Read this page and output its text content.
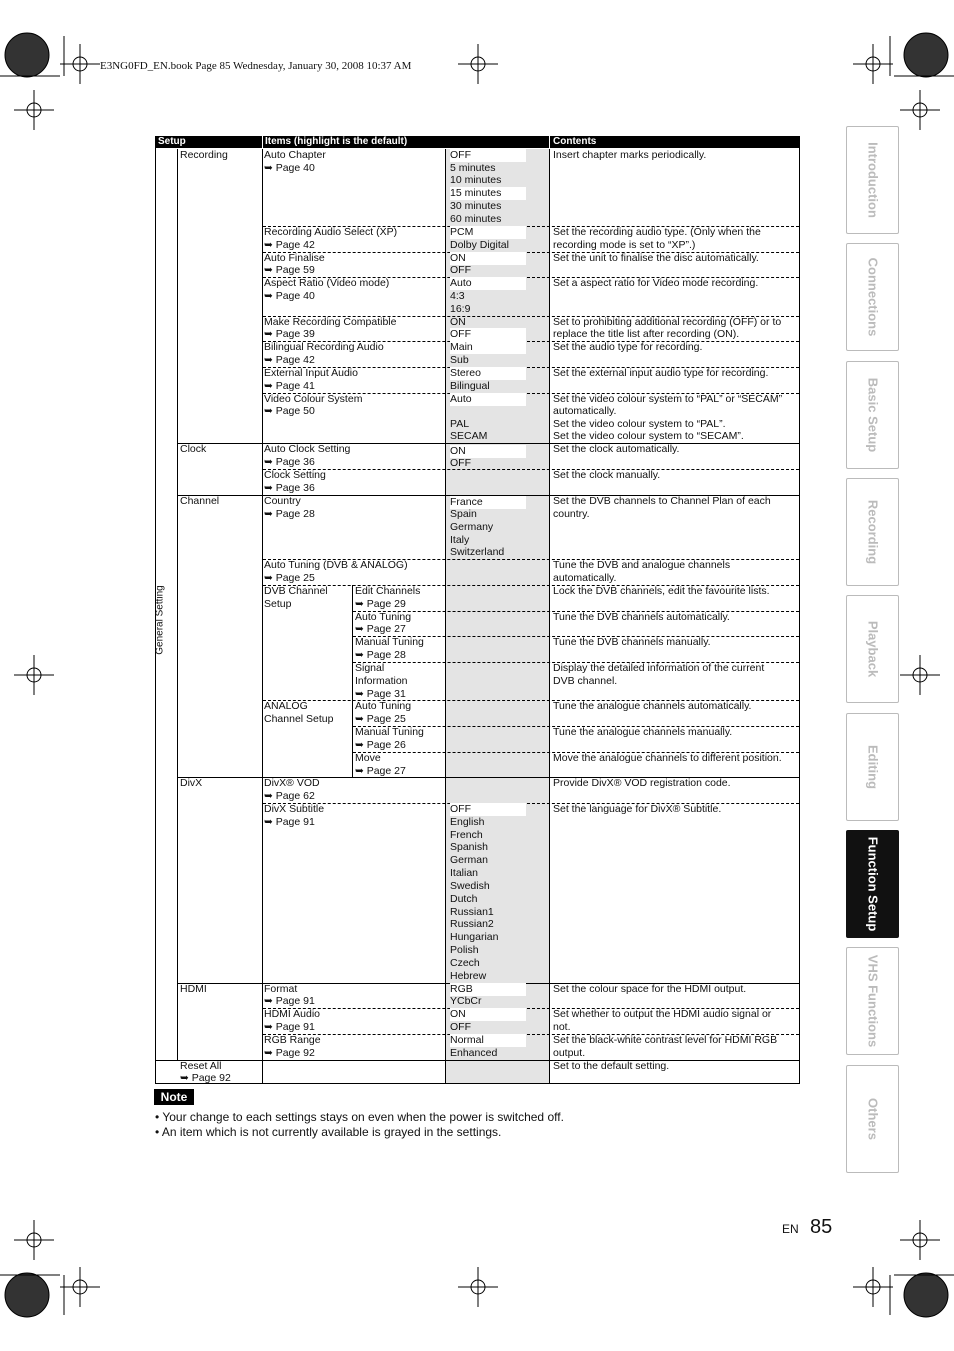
E3NG0FD_EN.book Page 85 Wednesday, January 30, 2008 10:37 AM
Introduction
Connections
Basic Setup
Recording
Playback
Editing
Function Setup
VHS Functions
Others
Setup	Items (highlight is the default)	Contents
General Setting
Recording
Clock
Channel
DivX
HDMI
Reset All
➥ Page 92
Auto Chapter
➥ Page 40
Recording Audio Select (XP)
➥ Page 42
Auto Finalise
➥ Page 59
Aspect Ratio (Video mode)
➥ Page 40
Make Recording Compatible
➥ Page 39
Bilingual Recording Audio
➥ Page 42
External Input Audio
➥ Page 41
Video Colour System
➥ Page 50
Auto Clock Setting
➥ Page 36
Clock Setting
➥ Page 36
Country
➥ Page 28
Auto Tuning (DVB & ANALOG)
➥ Page 25
DVB Channel
Setup
Edit Channels
➥ Page 29
Auto Tuning
➥ Page 27
Manual Tuning
➥ Page 28
Signal
Information
➥ Page 31
ANALOG
Channel Setup
Auto Tuning
➥ Page 25
Manual Tuning
➥ Page 26
Move
➥ Page 27
DivX® VOD
➥ Page 62
DivX Subtitle
➥ Page 91
Format
➥ Page 91
HDMI Audio
➥ Page 91
RGB Range
➥ Page 92
OFF
5 minutes
10 minutes
15 minutes
30 minutes
60 minutes
PCM
Dolby Digital
ON
OFF
Auto
4:3
16:9
ON
OFF
Main
Sub
Stereo
Bilingual
Auto
PAL
SECAM
ON
OFF
France
Spain
Germany
Italy
Switzerland
OFF
English
French
Spanish
German
Italian
Swedish
Dutch
Russian1
Russian2
Hungarian
Polish
Czech
Hebrew
RGB
YCbCr
ON
OFF
Normal
Enhanced
Insert chapter marks periodically.
Set the recording audio type. (Only when the
recording mode is set to “XP”.)
Set the unit to finalise the disc automatically.
Set a aspect ratio for Video mode recording.
Set to prohibiting additional recording (OFF) or to
replace the title list after recording (ON).
Set the audio type for recording.
Set the external input audio type for recording.
Set the video colour system to “PAL” or “SECAM”
automatically.
Set the video colour system to “PAL”.
Set the video colour system to “SECAM”.
Set the clock automatically.
Set the clock manually.
Set the DVB channels to Channel Plan of each
country.
Tune the DVB and analogue channels
automatically.
Lock the DVB channels, edit the favourite lists.
Tune the DVB channels automatically.
Tune the DVB channels manually.
Display the detailed information of the current
DVB channel.
Tune the analogue channels automatically.
Tune the analogue channels manually.
Move the analogue channels to different position.
Provide DivX® VOD registration code.
Set the language for DivX® Subtitle.
Set the colour space for the HDMI output.
Set whether to output the HDMI audio signal or
not.
Set the black-white contrast level for HDMI RGB
output.
Set to the default setting.
Note
• Your change to each settings stays on even when the power is switched off.
• An item which is not currently available is grayed in the settings.
EN 85
